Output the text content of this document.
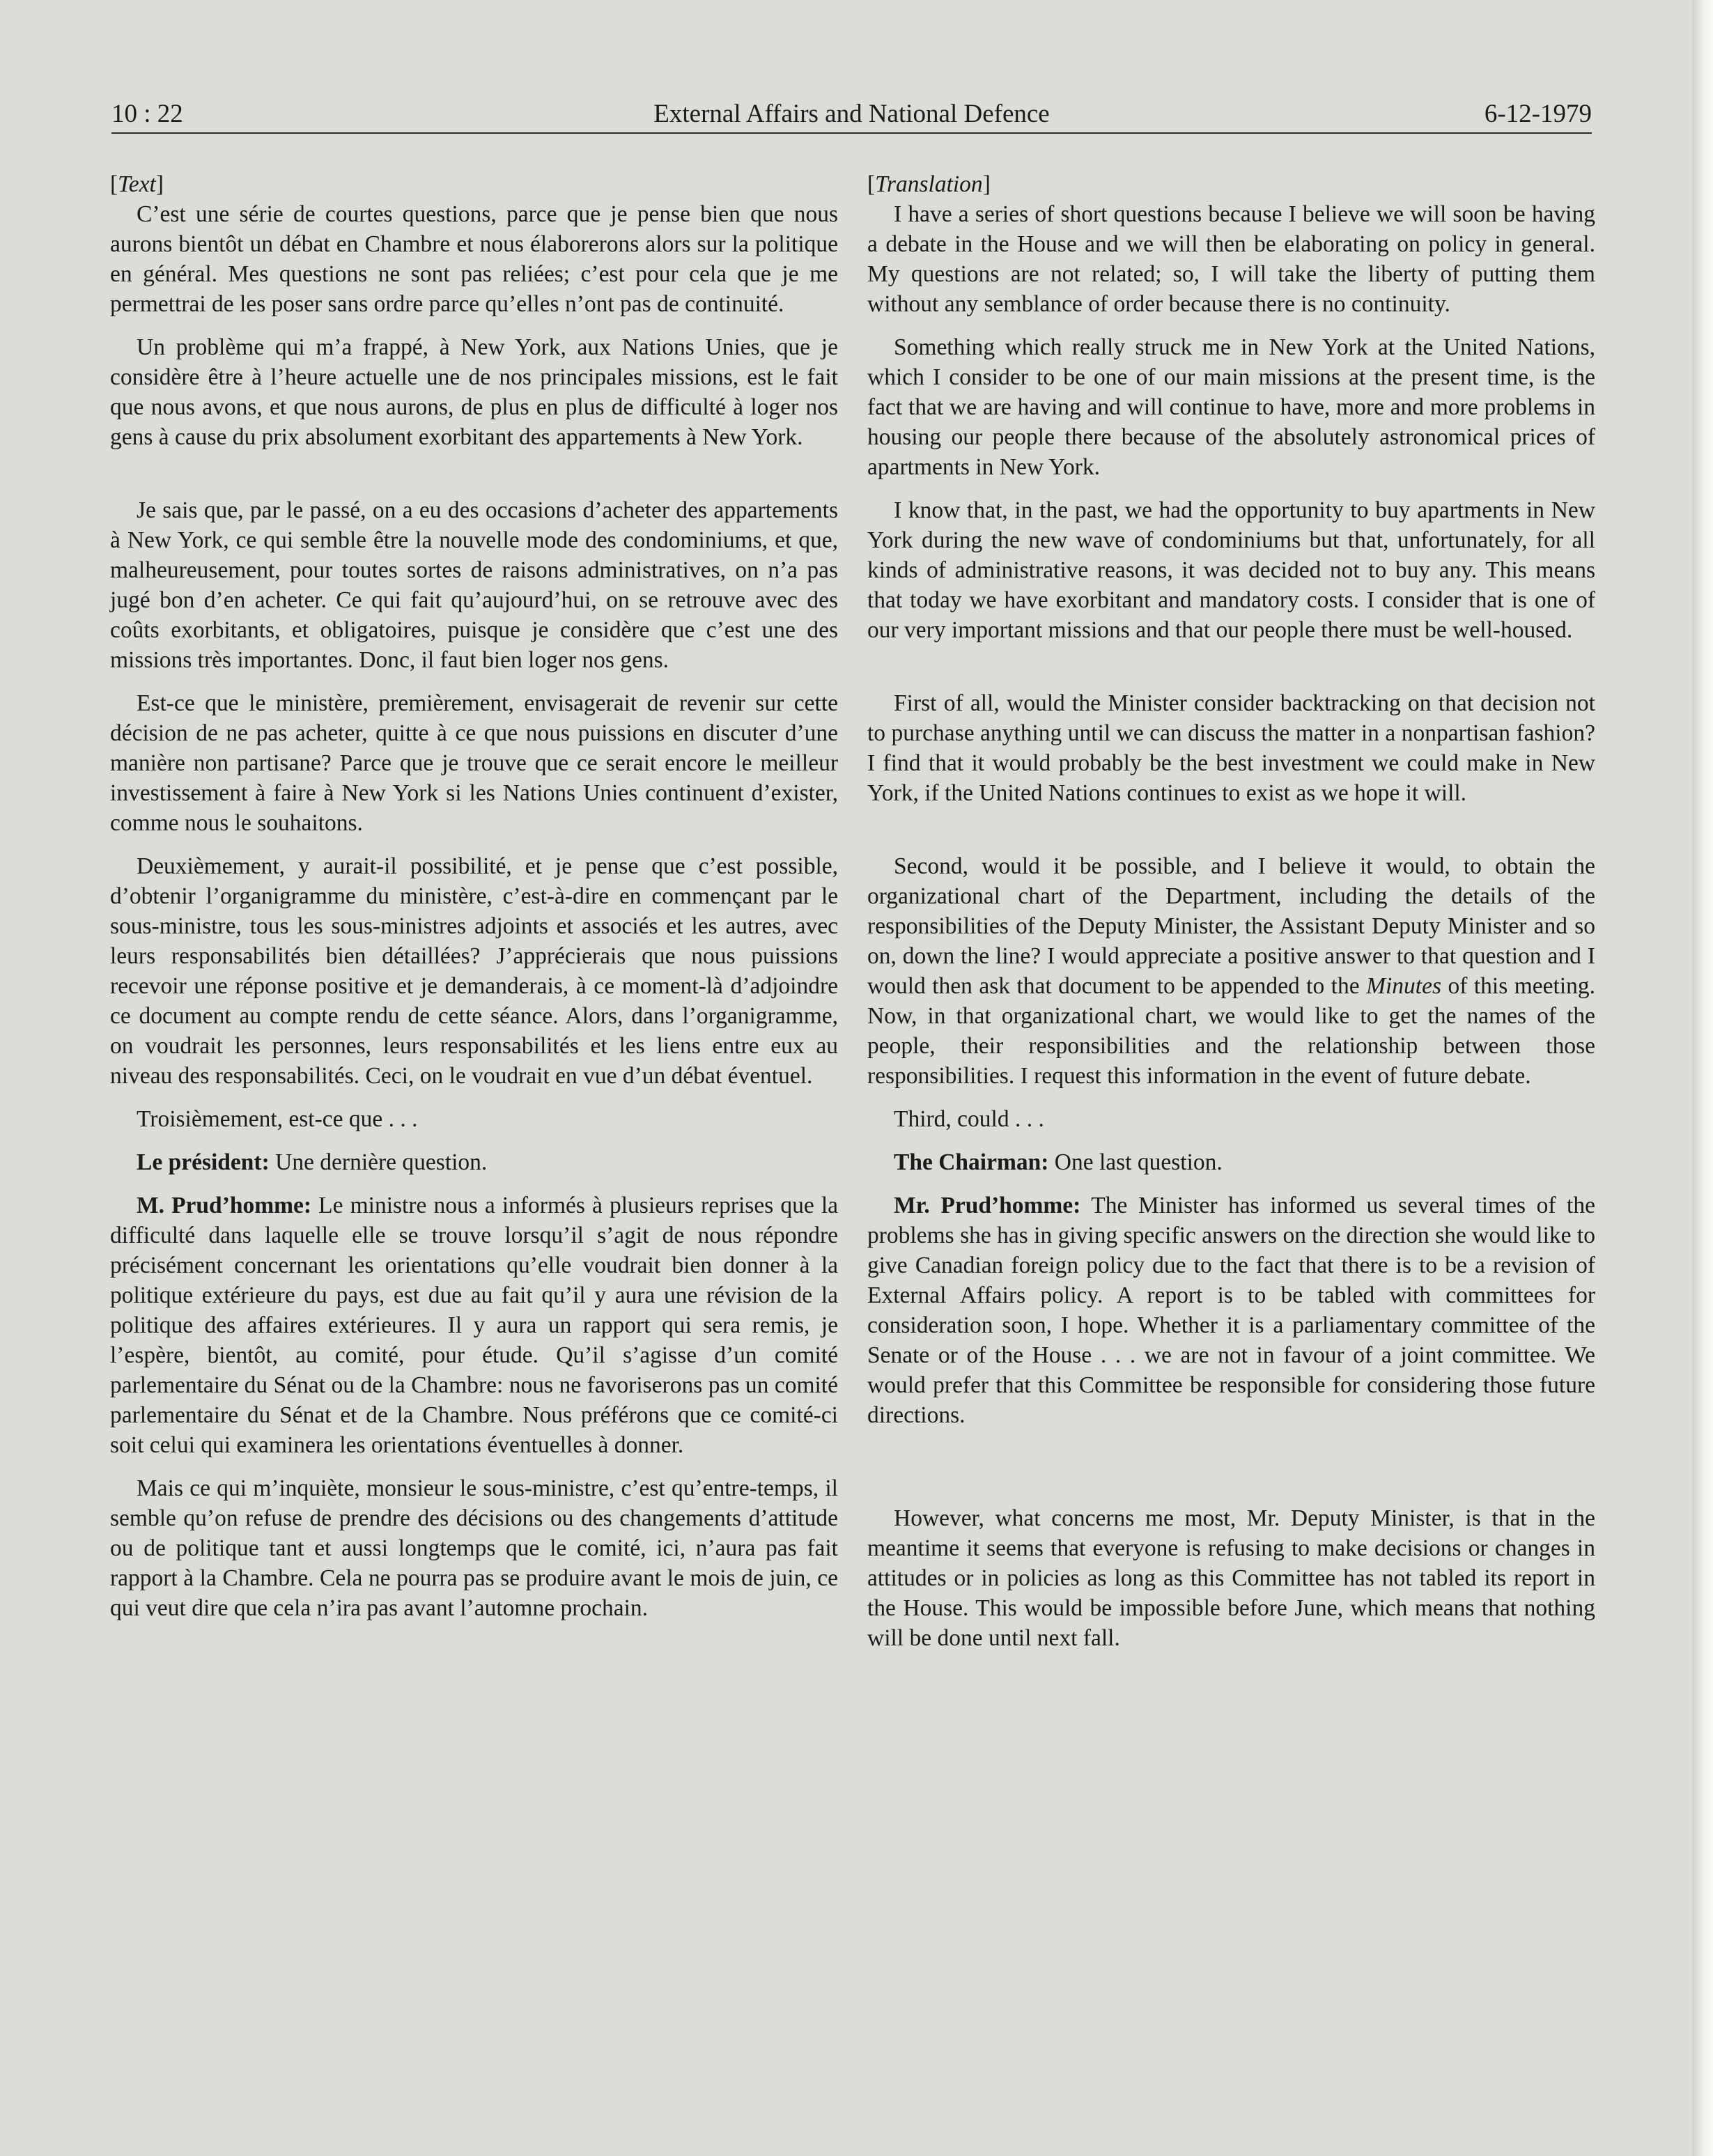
10 : 22	External Affairs and National Defence	6-12-1979
[Text]

C’est une série de courtes questions, parce que je pense bien que nous aurons bientôt un débat en Chambre et nous élaborerons alors sur la politique en général. Mes questions ne sont pas reliées; c’est pour cela que je me permettrai de les poser sans ordre parce qu’elles n’ont pas de continuité.

Un problème qui m’a frappé, à New York, aux Nations Unies, que je considère être à l’heure actuelle une de nos principales missions, est le fait que nous avons, et que nous aurons, de plus en plus de difficulté à loger nos gens à cause du prix absolument exorbitant des appartements à New York.

Je sais que, par le passé, on a eu des occasions d’acheter des appartements à New York, ce qui semble être la nouvelle mode des condominiums, et que, malheureusement, pour toutes sortes de raisons administratives, on n’a pas jugé bon d’en acheter. Ce qui fait qu’aujourd’hui, on se retrouve avec des coûts exorbitants, et obligatoires, puisque je considère que c’est une des missions très importantes. Donc, il faut bien loger nos gens.

Est-ce que le ministère, premièrement, envisagerait de revenir sur cette décision de ne pas acheter, quitte à ce que nous puissions en discuter d’une manière non partisane? Parce que je trouve que ce serait encore le meilleur investissement à faire à New York si les Nations Unies continuent d’exister, comme nous le souhaitons.

Deuxièmement, y aurait-il possibilité, et je pense que c’est possible, d’obtenir l’organigramme du ministère, c’est-à-dire en commençant par le sous-ministre, tous les sous-ministres adjoints et associés et les autres, avec leurs responsabilités bien détaillées? J’apprécierais que nous puissions recevoir une réponse positive et je demanderais, à ce moment-là d’adjoindre ce document au compte rendu de cette séance. Alors, dans l’organigramme, on voudrait les personnes, leurs responsabilités et les liens entre eux au niveau des responsabilités. Ceci, on le voudrait en vue d’un débat éventuel.

Troisièmement, est-ce que . . .

Le président: Une dernière question.

M. Prud’homme: Le ministre nous a informés à plusieurs reprises que la difficulté dans laquelle elle se trouve lorsqu’il s’agit de nous répondre précisément concernant les orientations qu’elle voudrait bien donner à la politique extérieure du pays, est due au fait qu’il y aura une révision de la politique des affaires extérieures. Il y aura un rapport qui sera remis, je l’espère, bientôt, au comité, pour étude. Qu’il s’agisse d’un comité parlementaire du Sénat ou de la Chambre: nous ne favoriserons pas un comité parlementaire du Sénat et de la Chambre. Nous préférons que ce comité-ci soit celui qui examinera les orientations éventuelles à donner.

Mais ce qui m’inquiète, monsieur le sous-ministre, c’est qu’entre-temps, il semble qu’on refuse de prendre des décisions ou des changements d’attitude ou de politique tant et aussi longtemps que le comité, ici, n’aura pas fait rapport à la Chambre. Cela ne pourra pas se produire avant le mois de juin, ce qui veut dire que cela n’ira pas avant l’automne prochain.

[Translation]

I have a series of short questions because I believe we will soon be having a debate in the House and we will then be elaborating on policy in general. My questions are not related; so, I will take the liberty of putting them without any semblance of order because there is no continuity.

Something which really struck me in New York at the United Nations, which I consider to be one of our main missions at the present time, is the fact that we are having and will continue to have, more and more problems in housing our people there because of the absolutely astronomical prices of apartments in New York.

I know that, in the past, we had the opportunity to buy apartments in New York during the new wave of condominiums but that, unfortunately, for all kinds of administrative reasons, it was decided not to buy any. This means that today we have exorbitant and mandatory costs. I consider that is one of our very important missions and that our people there must be well-housed.

First of all, would the Minister consider backtracking on that decision not to purchase anything until we can discuss the matter in a nonpartisan fashion? I find that it would probably be the best investment we could make in New York, if the United Nations continues to exist as we hope it will.

Second, would it be possible, and I believe it would, to obtain the organizational chart of the Department, including the details of the responsibilities of the Deputy Minister, the Assistant Deputy Minister and so on, down the line? I would appreciate a positive answer to that question and I would then ask that document to be appended to the Minutes of this meeting. Now, in that organizational chart, we would like to get the names of the people, their responsibilities and the relationship between those responsibilities. I request this information in the event of future debate.

Third, could . . .

The Chairman: One last question.

Mr. Prud’homme: The Minister has informed us several times of the problems she has in giving specific answers on the direction she would like to give Canadian foreign policy due to the fact that there is to be a revision of External Affairs policy. A report is to be tabled with committees for consideration soon, I hope. Whether it is a parliamentary committee of the Senate or of the House . . . we are not in favour of a joint committee. We would prefer that this Committee be responsible for considering those future directions.

However, what concerns me most, Mr. Deputy Minister, is that in the meantime it seems that everyone is refusing to make decisions or changes in attitudes or in policies as long as this Committee has not tabled its report in the House. This would be impossible before June, which means that nothing will be done until next fall.
